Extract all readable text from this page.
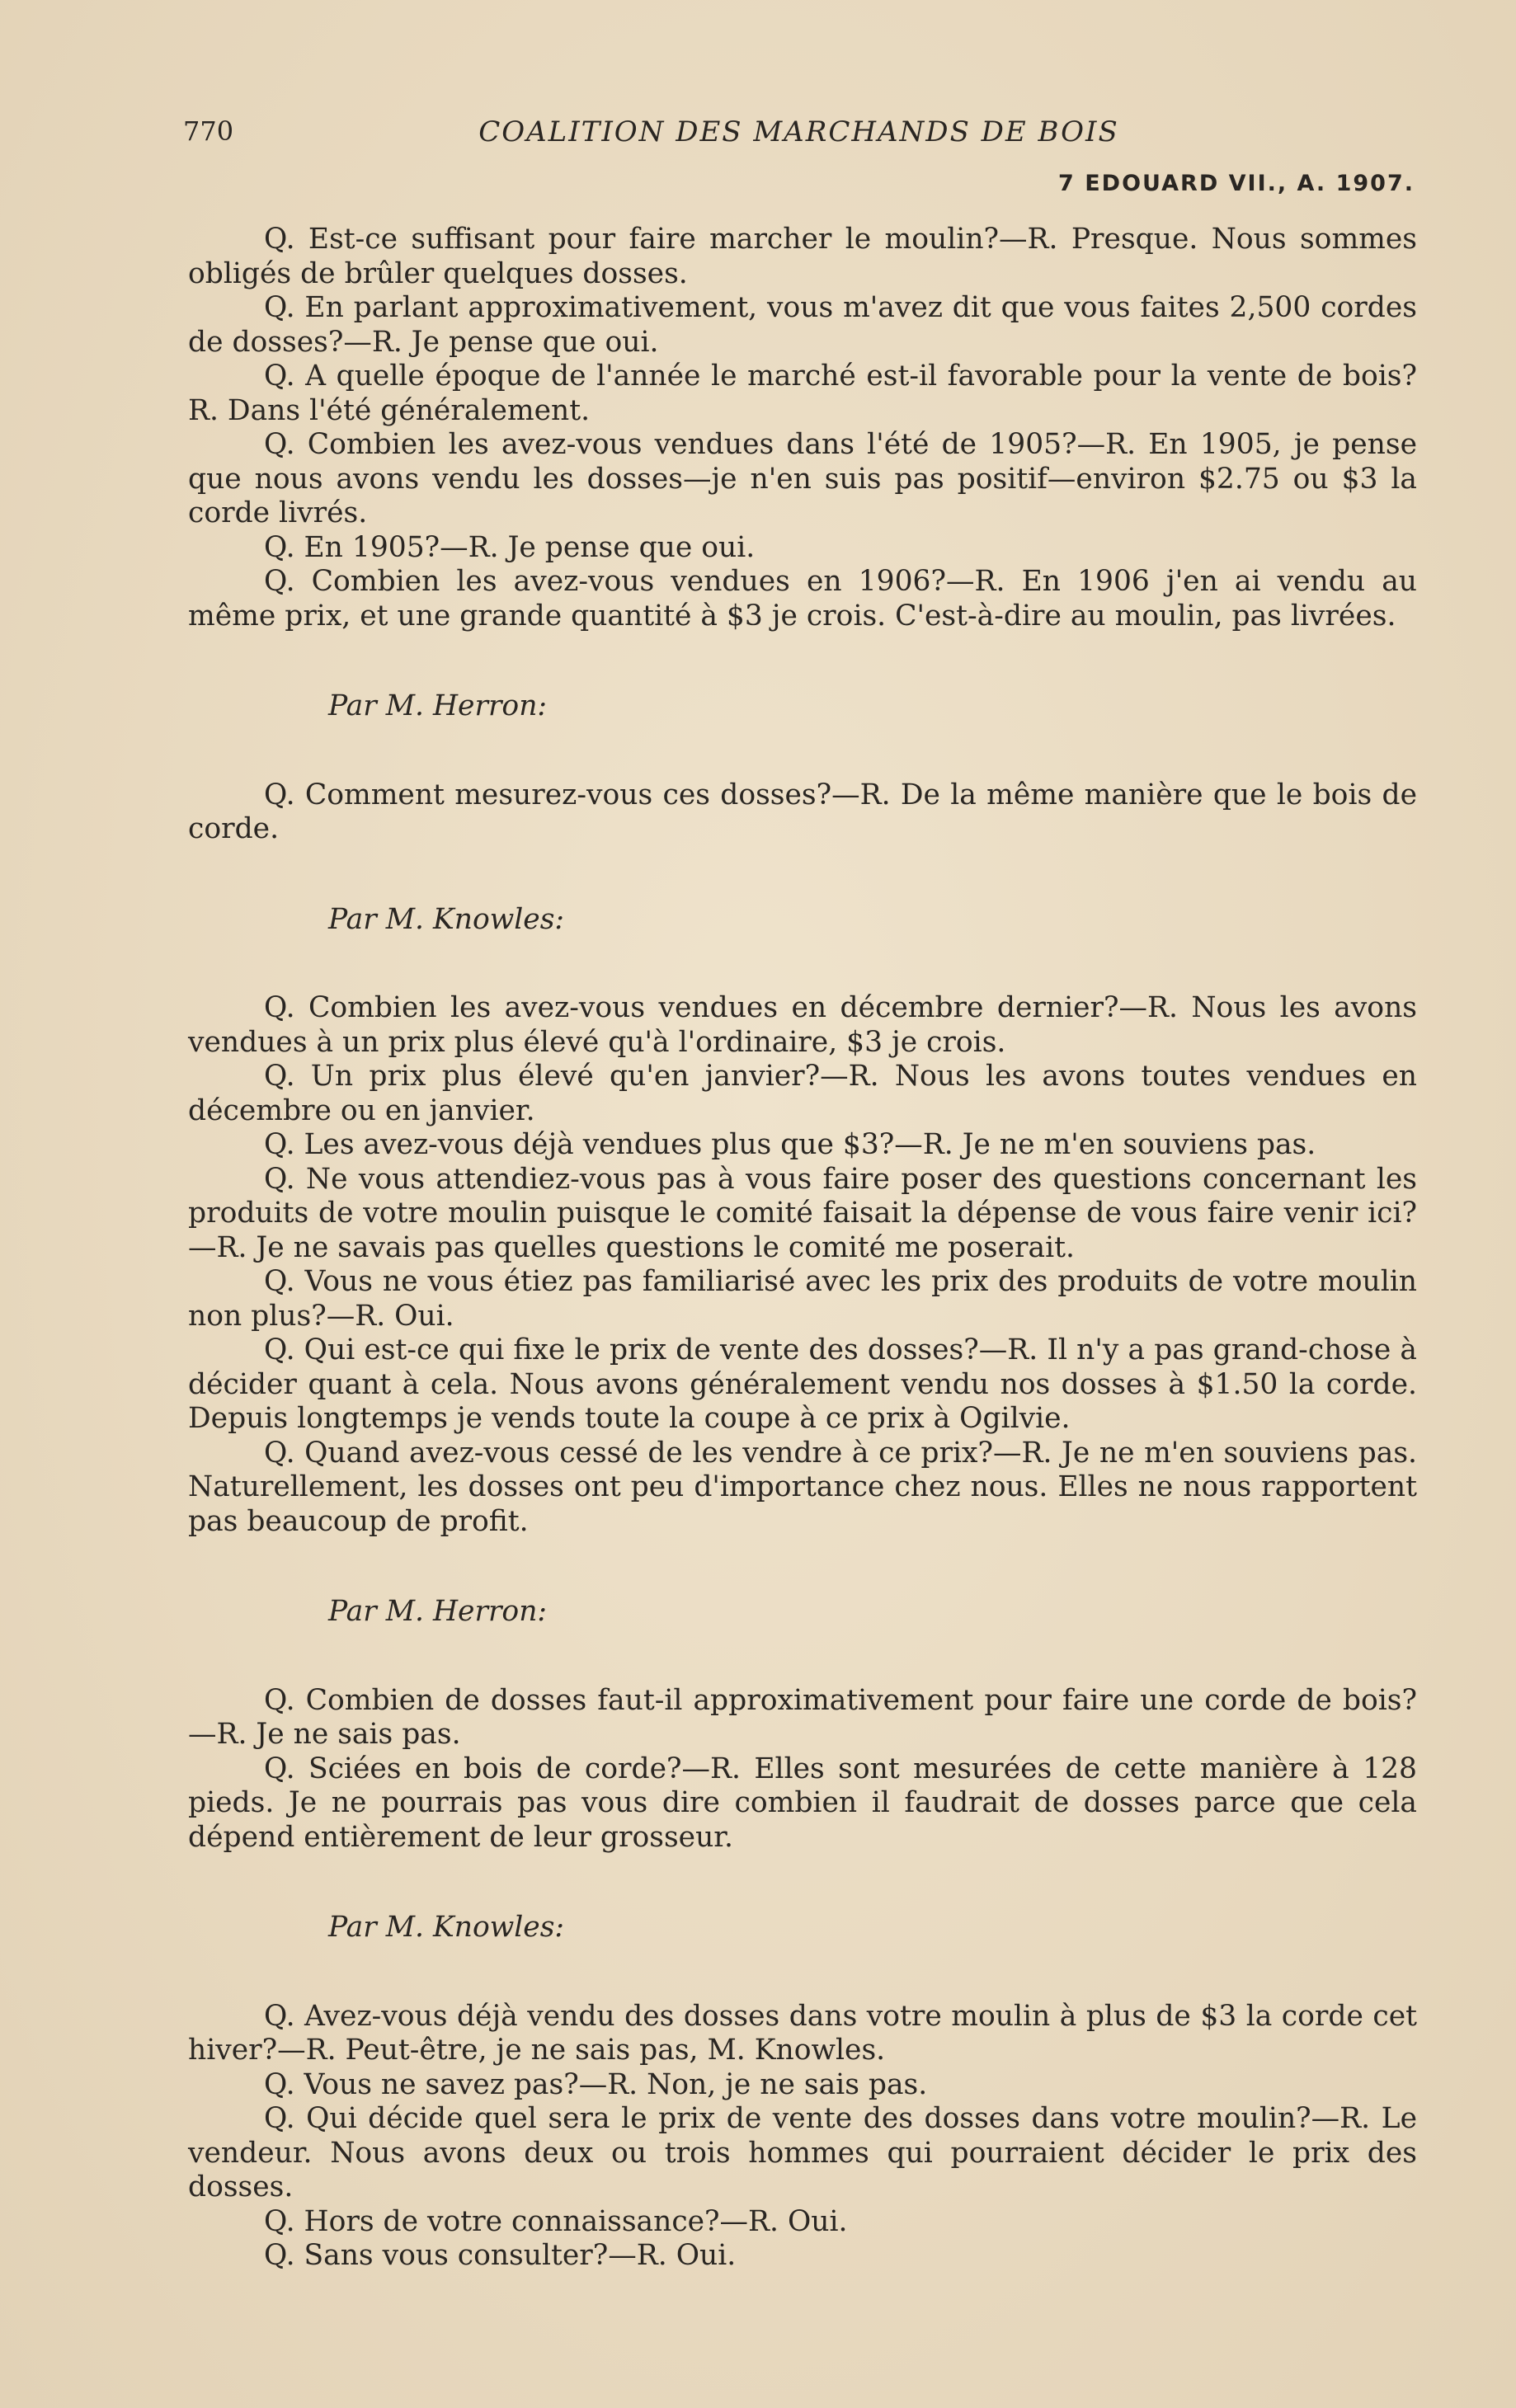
770	COALITION DES MARCHANDS DE BOIS
7 EDOUARD VII., A. 1907.

Q. Est-ce suffisant pour faire marcher le moulin?—R. Presque. Nous sommes obligés de brûler quelques dosses.

Q. En parlant approximativement, vous m'avez dit que vous faites 2,500 cordes de dosses?—R. Je pense que oui.

Q. A quelle époque de l'année le marché est-il favorable pour la vente de bois? R. Dans l'été généralement.

Q. Combien les avez-vous vendues dans l'été de 1905?—R. En 1905, je pense que nous avons vendu les dosses—je n'en suis pas positif—environ $2.75 ou $3 la corde livrés.

Q. En 1905?—R. Je pense que oui.

Q. Combien les avez-vous vendues en 1906?—R. En 1906 j'en ai vendu au même prix, et une grande quantité à $3 je crois. C'est-à-dire au moulin, pas livrées.

Par M. Herron:

Q. Comment mesurez-vous ces dosses?—R. De la même manière que le bois de corde.

Par M. Knowles:

Q. Combien les avez-vous vendues en décembre dernier?—R. Nous les avons vendues à un prix plus élevé qu'à l'ordinaire, $3 je crois.

Q. Un prix plus élevé qu'en janvier?—R. Nous les avons toutes vendues en décembre ou en janvier.

Q. Les avez-vous déjà vendues plus que $3?—R. Je ne m'en souviens pas.

Q. Ne vous attendiez-vous pas à vous faire poser des questions concernant les produits de votre moulin puisque le comité faisait la dépense de vous faire venir ici?—R. Je ne savais pas quelles questions le comité me poserait.

Q. Vous ne vous étiez pas familiarisé avec les prix des produits de votre moulin non plus?—R. Oui.

Q. Qui est-ce qui fixe le prix de vente des dosses?—R. Il n'y a pas grand-chose à décider quant à cela. Nous avons généralement vendu nos dosses à $1.50 la corde. Depuis longtemps je vends toute la coupe à ce prix à Ogilvie.

Q. Quand avez-vous cessé de les vendre à ce prix?—R. Je ne m'en souviens pas. Naturellement, les dosses ont peu d'importance chez nous. Elles ne nous rapportent pas beaucoup de profit.

Par M. Herron:

Q. Combien de dosses faut-il approximativement pour faire une corde de bois?—R. Je ne sais pas.

Q. Sciées en bois de corde?—R. Elles sont mesurées de cette manière à 128 pieds. Je ne pourrais pas vous dire combien il faudrait de dosses parce que cela dépend entièrement de leur grosseur.

Par M. Knowles:

Q. Avez-vous déjà vendu des dosses dans votre moulin à plus de $3 la corde cet hiver?—R. Peut-être, je ne sais pas, M. Knowles.

Q. Vous ne savez pas?—R. Non, je ne sais pas.

Q. Qui décide quel sera le prix de vente des dosses dans votre moulin?—R. Le vendeur. Nous avons deux ou trois hommes qui pourraient décider le prix des dosses.

Q. Hors de votre connaissance?—R. Oui.

Q. Sans vous consulter?—R. Oui.
